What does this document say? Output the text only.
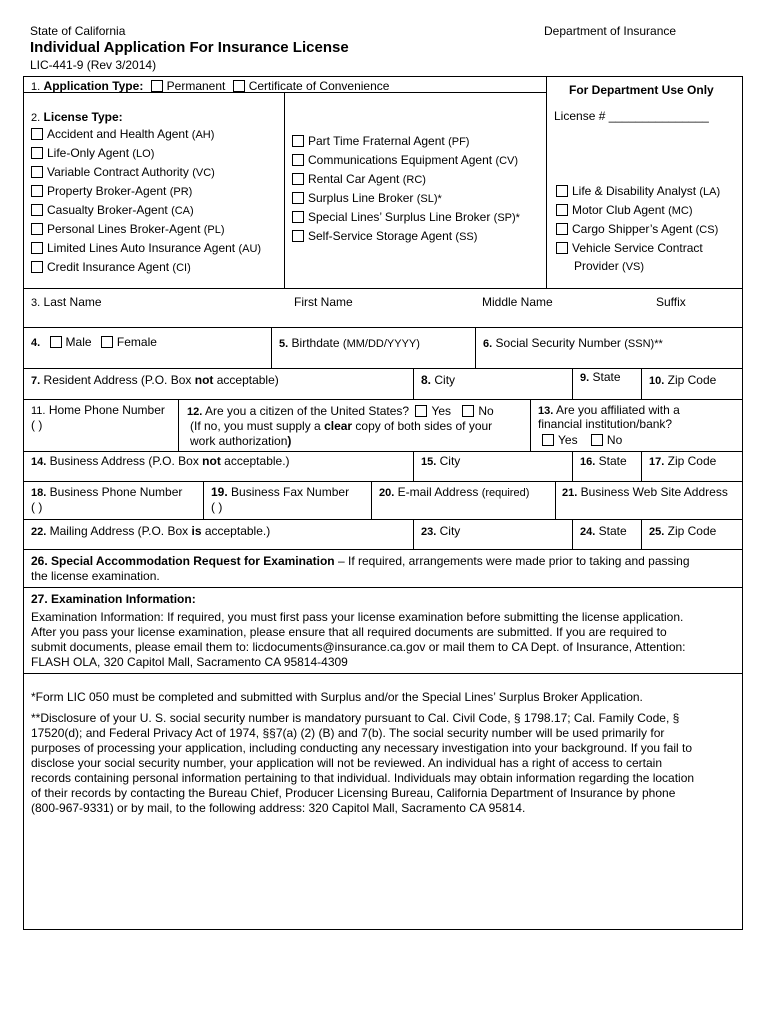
State of California	Department of Insurance
Individual Application For Insurance License
LIC-441-9 (Rev 3/2014)
1. Application Type: Permanent Certificate of Convenience	For Department Use Only
License # _______________
2. License Type:
Accident and Health Agent (AH)
Life-Only Agent (LO)
Variable Contract Authority (VC)
Property Broker-Agent (PR)
Casualty Broker-Agent (CA)
Personal Lines Broker-Agent (PL)
Limited Lines Auto Insurance Agent (AU)
Credit Insurance Agent (CI)
Part Time Fraternal Agent (PF)
Communications Equipment Agent (CV)
Rental Car Agent (RC)
Surplus Line Broker (SL)*
Special Lines’ Surplus Line Broker (SP)*
Self-Service Storage Agent (SS)
Life & Disability Analyst (LA)
Motor Club Agent (MC)
Cargo Shipper’s Agent (CS)
Vehicle Service Contract
Provider (VS)
3. Last Name	First Name	Middle Name	Suffix
4. Male Female	5. Birthdate (MM/DD/YYYY)	6. Social Security Number (SSN)**
7. Resident Address (P.O. Box not acceptable)	8. City	9. State	10. Zip Code
11. Home Phone Number
( )
12. Are you a citizen of the United States? Yes No
(If no, you must supply a clear copy of both sides of your
work authorization)
13. Are you affiliated with a
financial institution/bank?
Yes No
14. Business Address (P.O. Box not acceptable.)	15. City	16. State 17. Zip Code
18. Business Phone Number
( )
19. Business Fax Number
( )
20. E-mail Address (required)	21. Business Web Site Address
22. Mailing Address (P.O. Box is acceptable.)	23. City	24. State 25. Zip Code
26. Special Accommodation Request for Examination – If required, arrangements were made prior to taking and passing
the license examination.
27. Examination Information:
Examination Information: If required, you must first pass your license examination before submitting the license application.
After you pass your license examination, please ensure that all required documents are submitted. If you are required to
submit documents, please email them to: licdocuments@insurance.ca.gov or mail them to CA Dept. of Insurance, Attention:
FLASH OLA, 320 Capitol Mall, Sacramento CA 95814-4309
*Form LIC 050 must be completed and submitted with Surplus and/or the Special Lines’ Surplus Broker Application.
**Disclosure of your U. S. social security number is mandatory pursuant to Cal. Civil Code, § 1798.17; Cal. Family Code, §
17520(d); and Federal Privacy Act of 1974, §§7(a) (2) (B) and 7(b). The social security number will be used primarily for
purposes of processing your application, including conducting any necessary investigation into your background. If you fail to
disclose your social security number, your application will not be reviewed. An individual has a right of access to certain
records containing personal information pertaining to that individual. Individuals may obtain information regarding the location
of their records by contacting the Bureau Chief, Producer Licensing Bureau, California Department of Insurance by phone
(800-967-9331) or by mail, to the following address: 320 Capitol Mall, Sacramento CA 95814.
